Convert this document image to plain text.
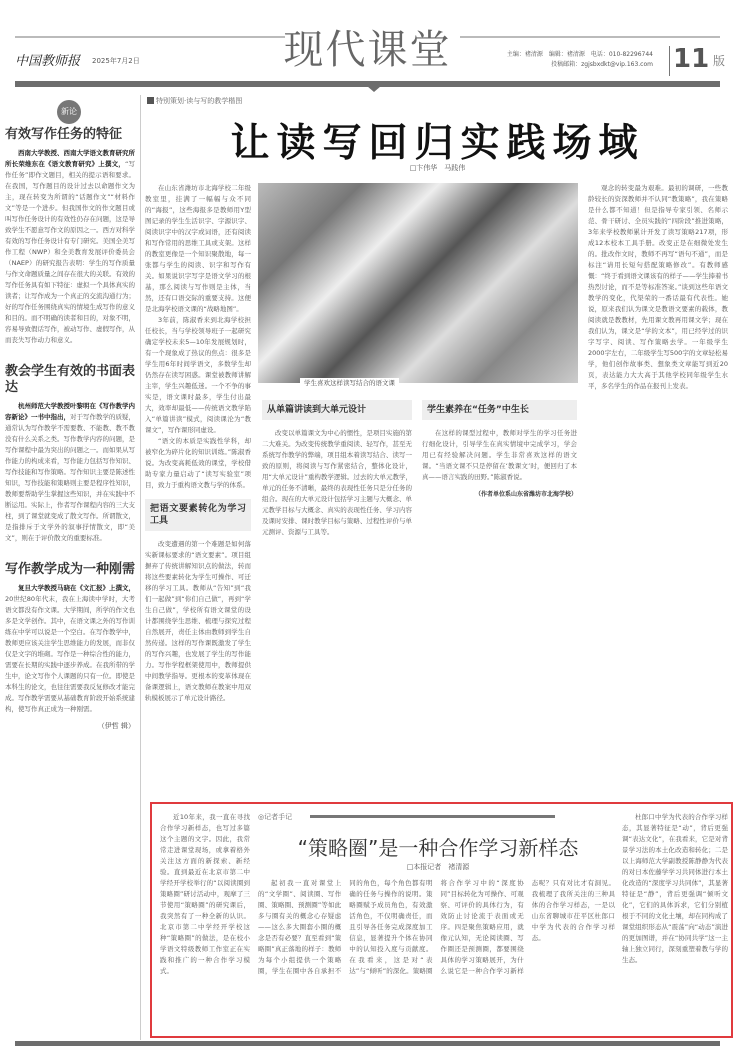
中国教师报 2025年7月2日	现代课堂	主编：褚清源　编辑：褚清源　电话：010-82296744
投稿邮箱：zgjsbxdkt@vip.163.com 11 版
新论
有效写作任务的特征

西南大学教授、西南大学语文教育研究所所长荣维东在《语文教育研究》上撰文，“写作任务”即作文题目，相关的提示语和要求。在我国，写作题目的设计过去以命题作文为主，现在转变为所谓的“话题作文”“材料作文”等是一个进步。但我国作文的作文题目或叫写作任务设计的有效性仍存在问题，这是导致学生不愿意写作文的原因之一。西方对科学有效的写作任务设计有专门研究。美国全美写作工程（NWP）和全美教育发展评价委员会（NAEP）的研究报告表明：学生的写作质量与作文命题质量之间存在很大的关联。有效的写作任务具有如下特征：虚拟一个具体真实的读者；让写作成为一个真正的交流沟通行为；好的写作任务围绕真实的情境生成写作的意义和目的。而不明确的读者和目的，对象不明，容易导致假话写作，被动写作、虚假写作，从而丧失写作动力和意义。

教会学生有效的书面表达

杭州师范大学教授叶黎明在《写作教学内容新论》一书中指出，对于写作教学的质疑，通常认为写作教学不需要教、不能教、教不教没有什么关系之类。写作教学内容的问题，是写作课程中最为突出的问题之一。而如果从写作能力的构成来看，写作能力包括写作知识、写作技能和写作策略。写作知识主要是陈述性知识，写作技能和策略则主要是程序性知识，教师要帮助学生掌握这些知识，并在实践中不断运用。实际上，作者写作课程内容的三大支柱，到了课堂就变成了散文写作。所谓散文，是指排斥于文学外的叙事抒情散文，即“美文”，则在于评价散文的重要标准。

写作教学成为一种刚需

复旦大学教授马晓在《文汇报》上撰文，20世纪80年代末，我在上海读中学时，大考语文都没有作文课。大学期间，所学的作文也多是文学创作。其中，在语文课之外的写作训练在中学可以说是一个空白。在写作教学中，教师更应该关注学生思维能力的发展，而非仅仅是文字的堆砌。写作是一种综合性的能力，需要在长期的实践中逐步养成。在我所带的学生中，论文写作个人课题的只有一位。即使是本科生的论文，也往往需要我反复修改才能完成。写作教学需要从基础教育阶段开始系统建构，使写作真正成为一种刚需。

（伊哲 辑）
特别策划·读与写的教学楷图
让读写回归实践场域
□卞伟华　马践伟

在山东省潍坊市北海学校二年级教室里，挂满了一幅幅与众不同的“海报”，这些海报多是教师用Y型图记录的学生生活识字、字源识字、阅读识字中的汉字或词语，还有阅读和写作常用的思维工具或支架。这样的教室更像是一个知识聚散地，每一张都与学生的阅读、识字和写作有关。如果说识字写字是语文学习的根基，那么阅读与写作则是主体，当然，还有口语交际的重要支持。这便是北海学校语文课的“战略地图”。

3年前，陈淑香来到北海学校担任校长，当与学校领导班子一起研究确定学校未来5—10年发展规划时，有一个现象成了热议的焦点：很多是学生用6年时间学语文，多数学生却仍然存在读写困惑。课堂被教师讲解主宰，学生兴趣低迷。一个不争的事实是，语文课时最多，学生付出最大，效率却最低——传统语文教学陷入“单篇讲读”模式，阅读课沦为“教课文”，写作课形同虚设。

“语文的本质是实践性学科，却被窄化为碎片化的知识训练。”陈淑香说。为改变高耗低效的课堂，学校借助专家力量启动了“读写实验室”项目，致力于重构语文教与学的体系。

把语文要素转化为学习工具

改变遭遇的第一个难题是如何落实新课标要求的“语文要素”。项目组摒弃了传统讲解知识点的做法，转而将这些要素转化为学生可操作、可迁移的学习工具。教师从“告知”到“我们一起做”到“你们自己做”，再到“学生自己做”，学校所有语文课堂的设计都围绕学生思维、梳理与探究过程自然展开，责任主体由教师到学生自然传递。这样的写作课既激发了学生的写作兴趣，也发展了学生的写作能力。写作学程框架使用中，教师提供中间教学指导。更根本的变革体现在备课逻辑上，语文教师在教案中用双轨模板展示了单元设计路径。

学生喜欢这样读写结合的语文课
从单篇讲读到大单元设计

改变以单篇课文为中心的惯性，是项目实施的第二大难关。为改变传统教学重阅读、轻写作，甚至无系统写作教学的弊端，项目组本着读写结合、读写一致的原则，将阅读与写作紧密结合，整体化设计，用“大单元设计”重构教学逻辑。过去的大单元教学，单元的任务不清晰，最终的表现性任务只是分任务的组合。现在的大单元设计包括学习主题与大概念、单元教学目标与大概念、真实的表现性任务、学习内容及课时安排、课时教学目标与策略、过程性评价与单元测评、资源与工具等。

学生素养在“任务”中生长

在这样的课型过程中，教师对学生的学习任务进行细化设计，引导学生在真实情境中完成学习，学会用已有经验解决问题。学生非常喜欢这样的语文课。“当语文课不只是停留在‘教课文’时，便回归了本真——语言实践的田野。”陈淑香说。

（作者单位系山东省潍坊市北海学校）

观念的转变最为艰难。最初的调研，一些教龄较长的资深教师并不认同“教策略”，我在策略是什么都不知道！但是指导专家引领、名师示范、骨干研讨、全员实践的“四阶段”推进策略，3年来学校教师累计开发了读写策略217项，形成12本校本工具手册。改变正是在细微处发生的。批改作文时，教师不再写“语句不通”，而是标注“请用长短句搭配策略修改”。有教师感慨：“终于看到语文课该有的样子——学生捧着书热烈讨论，而不是等标准答案。”谈到这些年语文教学的变化，代渠荣的一番话最有代表性。她说，原来我们认为课文是教语文要素的载体，教阅读就是教教材，先用课文教再用课文学；现在我们认为，课文是“学的文本”，用已经学过的识字写字、阅读、写作策略去学。一年级学生2000字左右，二年级学生写500字的文章轻松易学，他们创作故事类、想象类文章能写到近20页，表达能力大大高于其他学校同年级学生水平，多名学生的作品在报刊上发表。

近10年来，我一直在寻找合作学习新样态，也写过多篇这个主题的文字。因此，我常常走进课堂现场，或拿着格外关注这方面的新探索、新经验。直到最近在北京市第二中学经开学校举行的“以阅读圈到策略圈”研讨活动中，观摩了三节使用“策略圈”的研究课后，我突然有了一种全新的认识。北京市第二中学经开学校这种“策略圈”的做法，是在校小学语文特级教师工作室正在实践和推广的一种合作学习模式。

◎记者手记
“策略圈”是一种合作学习新样态
□本报记者　褚清源

起初我一直对课堂上的“文学圈”、阅读圈、写作圈、策略圈、预测圈”等如此多与圈有关的概念心存疑虑——这么多大圈套小圈的概念是否有必要？直至看到“策略圈”真正落地的样子：教师为每个小组提供一个策略圈，学生在圈中各自承担不同的角色，每个角色都有明确的任务与操作的说明。策略圈赋予成员角色，有效激活角色，不仅明确责任，而且引导各任务完成深度加工信息，显著提升个体在协同中的认知投入度与贡献度。在我看来，这是对“表达”与“倾听”的深化。策略圈将合作学习中的“深度协同”目标转化为可操作、可观察、可评价的具体行为，有效防止讨论流于表面或无序。四是聚焦策略应用，就像元认知，无论阅读圈、写作圈还是预测圈，都要围绕具体的学习策略展开，为什么说它是一种合作学习新样态呢？只有对比才有洞见。我梳理了我所关注的三种具体的合作学习样态，一是以山东省聊城市茌平区杜郎口中学为代表的合作学习样态。

杜郎口中学为代表的合作学习样态，其显著特征是“动”，背后更强调“表达文化”，在我看来，它是对背景学习法的本土化改造和转化；二是以上海师范大学副教授陈静静为代表的对日本佐藤学学习共同体进行本土化改造的“深度学习共同体”，其显著特征是“静”，背后更强调“倾听文化”，它们的具体诉求，它们分别植根于不同的文化土壤，却在同构成了课堂组织形态从“震荡”向“动态”演进的更加图谱，并在“协同共学”这一主轴上独立同行，深刻重塑着教与学的生态。
